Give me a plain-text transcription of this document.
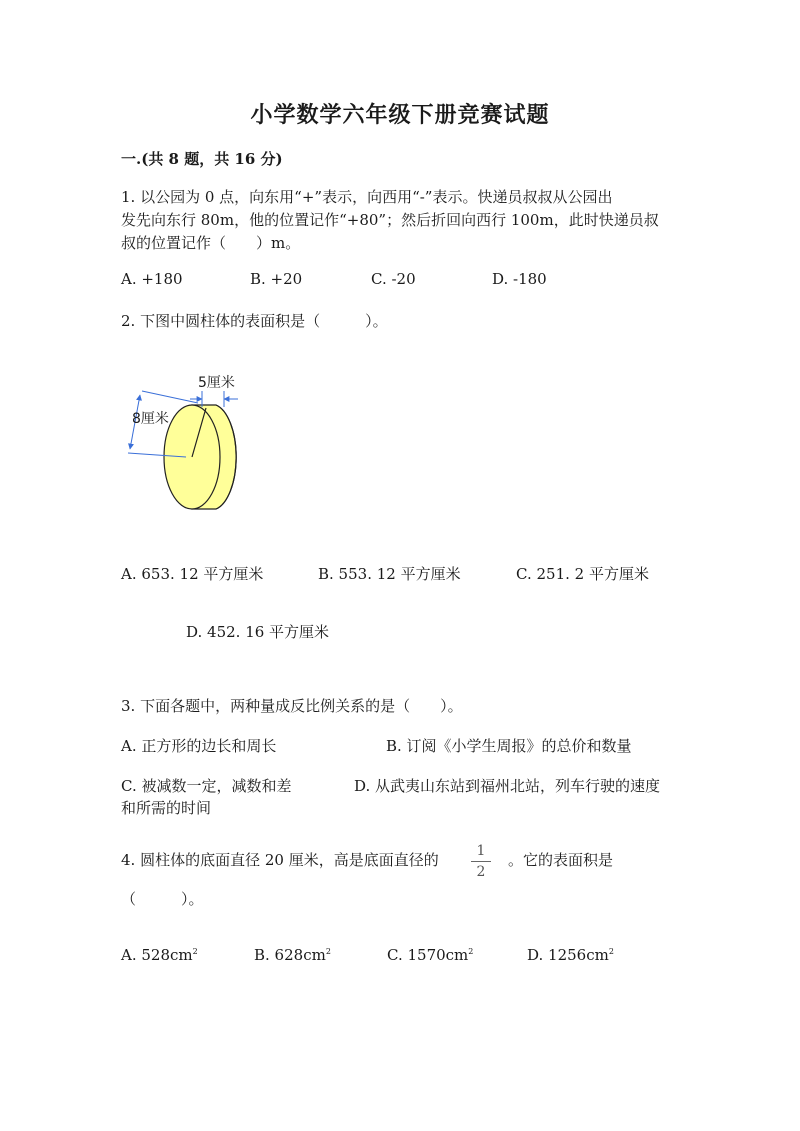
小学数学六年级下册竞赛试题
一.(共 8 题，共 16 分)
1. 以公园为 0 点，向东用“+”表示，向西用“-”表示。快递员叔叔从公园出
发先向东行 80m，他的位置记作“+80”；然后折回向西行 100m，此时快递员叔
叔的位置记作（　　）m。
A. +180	B. +20	C. -20	D. -180
2. 下图中圆柱体的表面积是（　　　）。
5厘米
8厘米
A. 653. 12 平方厘米	B. 553. 12 平方厘米	C. 251. 2 平方厘米
D. 452. 16 平方厘米
3. 下面各题中，两种量成反比例关系的是（　　）。
A. 正方形的边长和周长	B. 订阅《小学生周报》的总价和数量
C. 被减数一定，减数和差	D. 从武夷山东站到福州北站，列车行驶的速度
和所需的时间
4. 圆柱体的底面直径 20 厘米，高是底面直径的	1
2
。它的表面积是
（　　　）。
A. $528cm^2$	B. $628cm^2$	C. $1570cm^2$	D. $1256cm^2$
